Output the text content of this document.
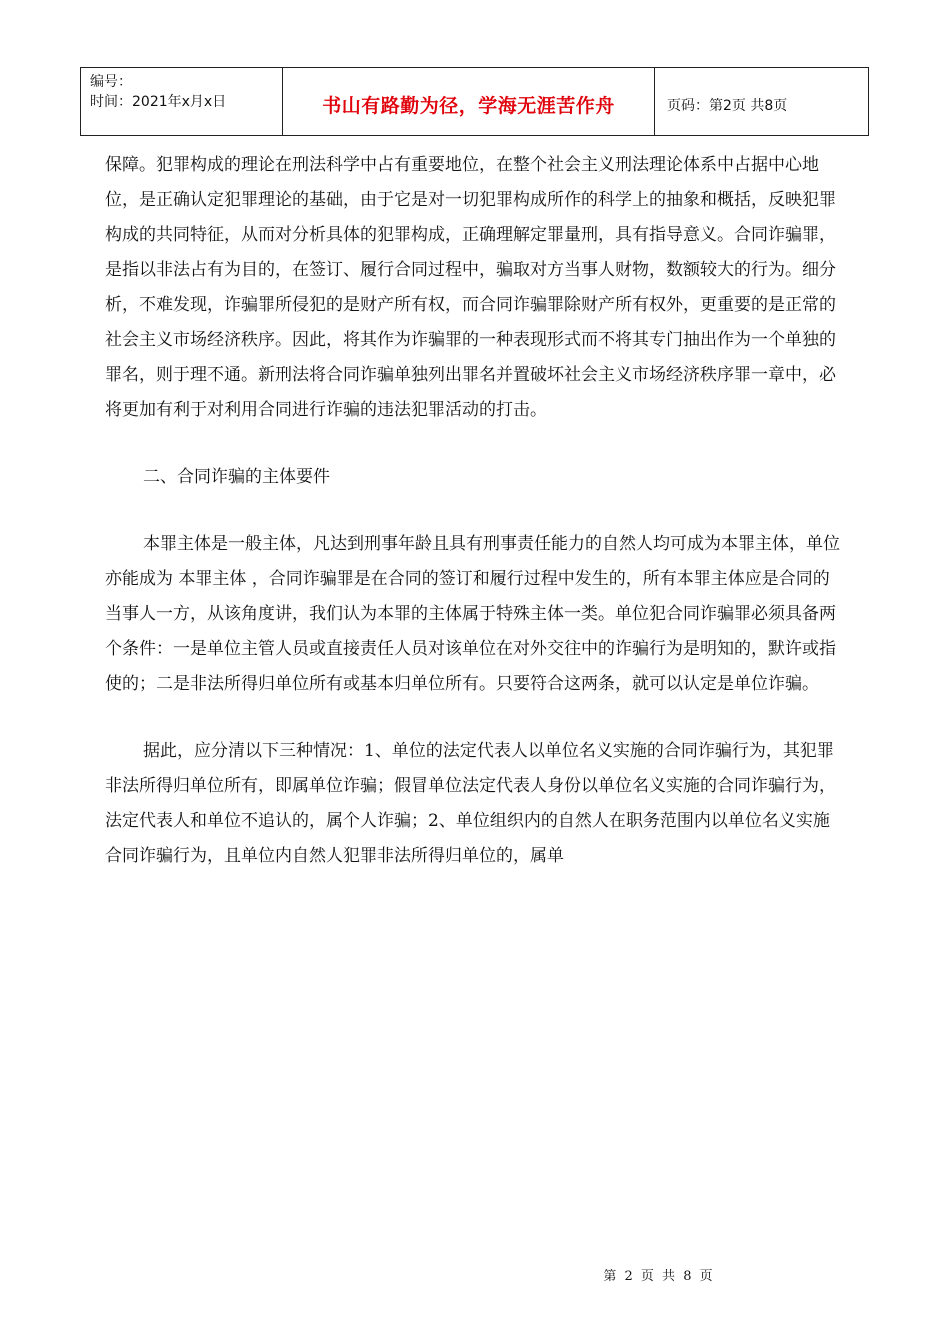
编号：
时间：2021年x月x日	书山有路勤为径，学海无涯苦作舟	页码：第2页 共8页

保障。犯罪构成的理论在刑法科学中占有重要地位，在整个社会主义刑法理论体系中占据中心地位，是正确认定犯罪理论的基础，由于它是对一切犯罪构成所作的科学上的抽象和概括，反映犯罪构成的共同特征，从而对分析具体的犯罪构成，正确理解定罪量刑，具有指导意义。合同诈骗罪，是指以非法占有为目的，在签订、履行合同过程中，骗取对方当事人财物，数额较大的行为。细分析，不难发现，诈骗罪所侵犯的是财产所有权，而合同诈骗罪除财产所有权外，更重要的是正常的社会主义市场经济秩序。因此，将其作为诈骗罪的一种表现形式而不将其专门抽出作为一个单独的罪名，则于理不通。新刑法将合同诈骗单独列出罪名并置破坏社会主义市场经济秩序罪一章中，必将更加有利于对利用合同进行诈骗的违法犯罪活动的打击。

二、合同诈骗的主体要件

本罪主体是一般主体，凡达到刑事年龄且具有刑事责任能力的自然人均可成为本罪主体，单位亦能成为 本罪主体 ，合同诈骗罪是在合同的签订和履行过程中发生的，所有本罪主体应是合同的当事人一方，从该角度讲，我们认为本罪的主体属于特殊主体一类。单位犯合同诈骗罪必须具备两个条件：一是单位主管人员或直接责任人员对该单位在对外交往中的诈骗行为是明知的，默许或指使的；二是非法所得归单位所有或基本归单位所有。只要符合这两条，就可以认定是单位诈骗。

据此，应分清以下三种情况：1、单位的法定代表人以单位名义实施的合同诈骗行为，其犯罪非法所得归单位所有，即属单位诈骗；假冒单位法定代表人身份以单位名义实施的合同诈骗行为，法定代表人和单位不追认的，属个人诈骗；2、单位组织内的自然人在职务范围内以单位名义实施合同诈骗行为，且单位内自然人犯罪非法所得归单位的，属单

第 2 页 共 8 页
